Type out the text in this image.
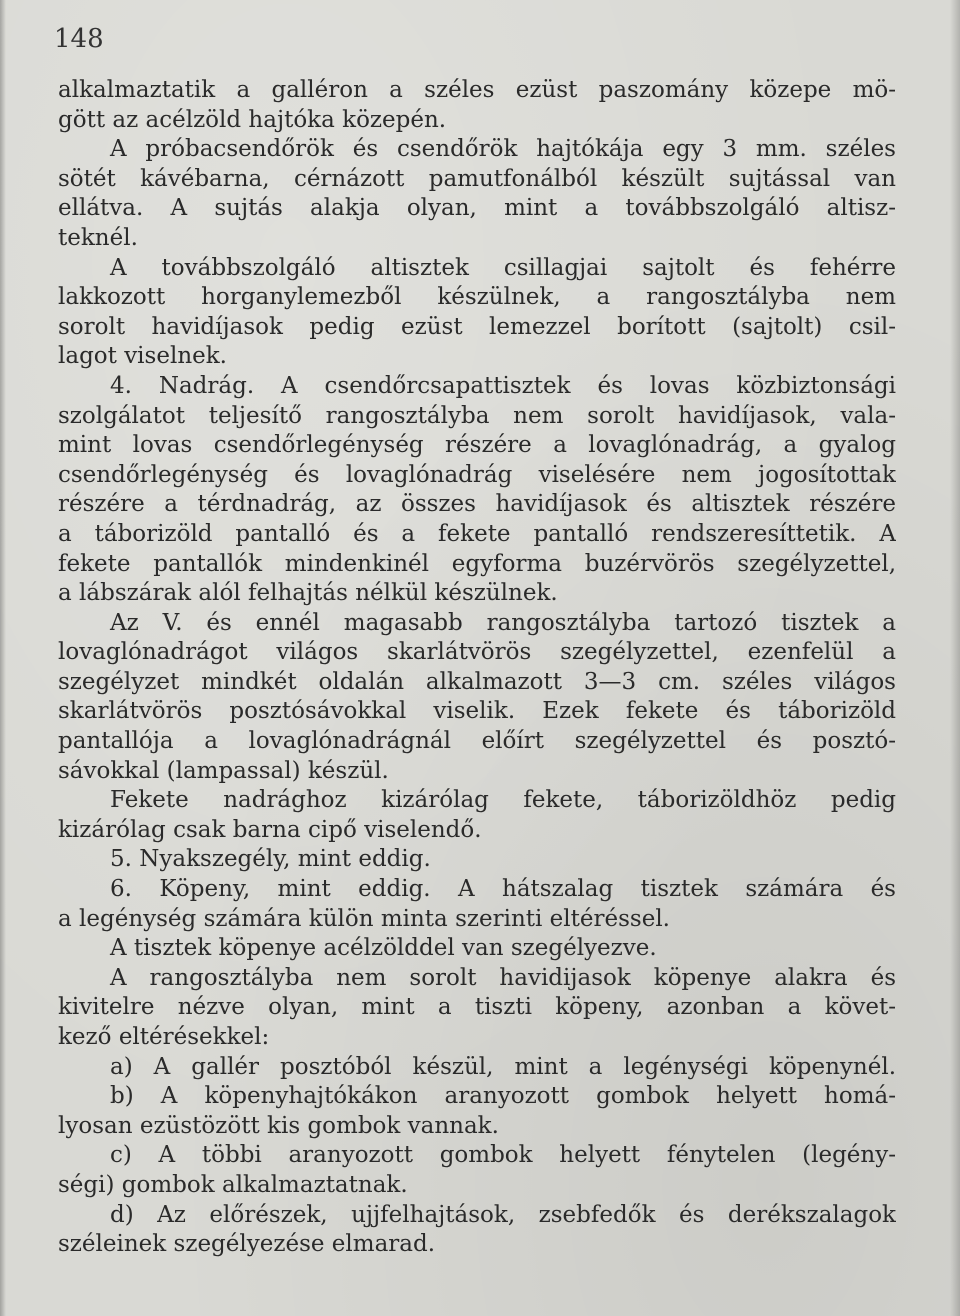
148
alkalmaztatik a galléron a széles ezüst paszomány közepe mö-
gött az acélzöld hajtóka közepén.
A próbacsendőrök és csendőrök hajtókája egy 3 mm. széles
sötét kávébarna, cérnázott pamutfonálból készült sujtással van
ellátva. A sujtás alakja olyan, mint a továbbszolgáló altisz-
teknél.
A továbbszolgáló altisztek csillagjai sajtolt és fehérre
lakkozott horganylemezből készülnek, a rangosztályba nem
sorolt havidíjasok pedig ezüst lemezzel borított (sajtolt) csil-
lagot viselnek.
4. Nadrág. A csendőrcsapattisztek és lovas közbiztonsági
szolgálatot teljesítő rangosztályba nem sorolt havidíjasok, vala-
mint lovas csendőrlegénység részére a lovaglónadrág, a gyalog
csendőrlegénység és lovaglónadrág viselésére nem jogosítottak
részére a térdnadrág, az összes havidíjasok és altisztek részére
a táborizöld pantalló és a fekete pantalló rendszeresíttetik. A
fekete pantallók mindenkinél egyforma buzérvörös szegélyzettel,
a lábszárak alól felhajtás nélkül készülnek.
Az V. és ennél magasabb rangosztályba tartozó tisztek a
lovaglónadrágot világos skarlátvörös szegélyzettel, ezenfelül a
szegélyzet mindkét oldalán alkalmazott 3—3 cm. széles világos
skarlátvörös posztósávokkal viselik. Ezek fekete és táborizöld
pantallója a lovaglónadrágnál előírt szegélyzettel és posztó-
sávokkal (lampassal) készül.
Fekete nadrághoz kizárólag fekete, táborizöldhöz pedig
kizárólag csak barna cipő viselendő.
5. Nyakszegély, mint eddig.
6. Köpeny, mint eddig. A hátszalag tisztek számára és
a legénység számára külön minta szerinti eltéréssel.
A tisztek köpenye acélzölddel van szegélyezve.
A rangosztályba nem sorolt havidijasok köpenye alakra és
kivitelre nézve olyan, mint a tiszti köpeny, azonban a követ-
kező eltérésekkel:
a) A gallér posztóból készül, mint a legénységi köpenynél.
b) A köpenyhajtókákon aranyozott gombok helyett homá-
lyosan ezüstözött kis gombok vannak.
c) A többi aranyozott gombok helyett fénytelen (legény-
ségi) gombok alkalmaztatnak.
d) Az előrészek, ujjfelhajtások, zsebfedők és derékszalagok
széleinek szegélyezése elmarad.
